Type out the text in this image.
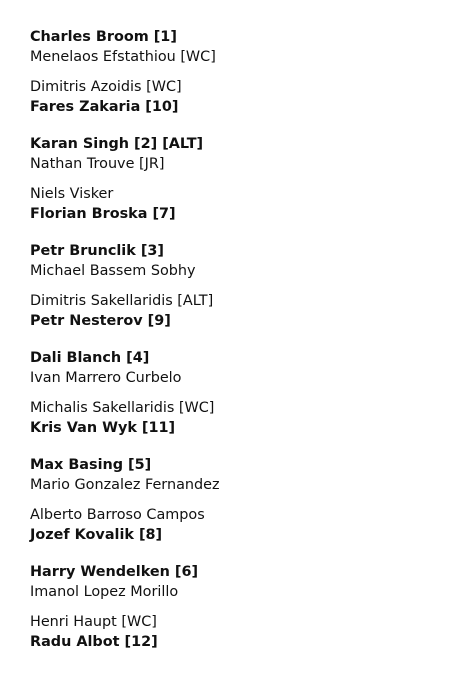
Charles Broom [1]
Menelaos Efstathiou [WC]
Dimitris Azoidis [WC]
Fares Zakaria [10]
Karan Singh [2] [ALT]
Nathan Trouve [JR]
Niels Visker
Florian Broska [7]
Petr Brunclik [3]
Michael Bassem Sobhy
Dimitris Sakellaridis [ALT]
Petr Nesterov [9]
Dali Blanch [4]
Ivan Marrero Curbelo
Michalis Sakellaridis [WC]
Kris Van Wyk [11]
Max Basing [5]
Mario Gonzalez Fernandez
Alberto Barroso Campos
Jozef Kovalik [8]
Harry Wendelken [6]
Imanol Lopez Morillo
Henri Haupt [WC]
Radu Albot [12]
